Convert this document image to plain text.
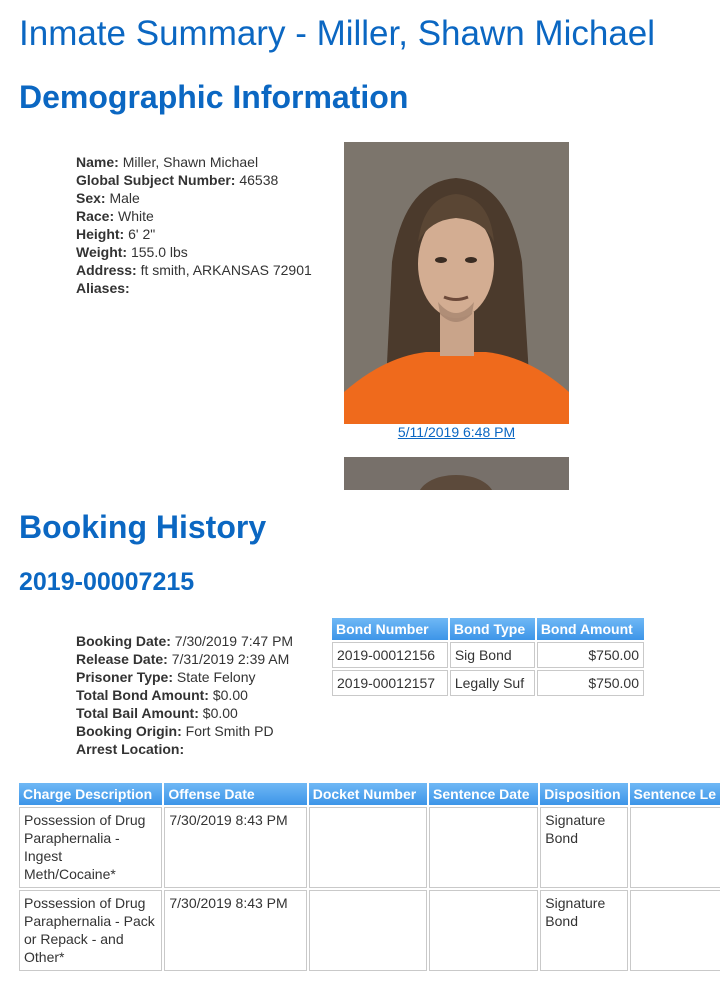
Inmate Summary - Miller, Shawn Michael
Demographic Information
Name: Miller, Shawn Michael
Global Subject Number: 46538
Sex: Male
Race: White
Height: 6' 2"
Weight: 155.0 lbs
Address: ft smith, ARKANSAS 72901
Aliases:
5/11/2019 6:48 PM
Booking History
2019-00007215
Booking Date: 7/30/2019 7:47 PM
Release Date: 7/31/2019 2:39 AM
Prisoner Type: State Felony
Total Bond Amount: $0.00
Total Bail Amount: $0.00
Booking Origin: Fort Smith PD
Arrest Location:
Bond Number	Bond Type	Bond Amount
2019-00012156	Sig Bond	$750.00
2019-00012157	Legally Suf	$750.00
Charge Description	Offense Date	Docket Number	Sentence Date	Disposition	Sentence Le
Possession of Drug Paraphernalia - Ingest Meth/Cocaine*	7/30/2019 8:43 PM			Signature Bond	
Possession of Drug Paraphernalia - Pack or Repack - and Other*	7/30/2019 8:43 PM			Signature Bond	
